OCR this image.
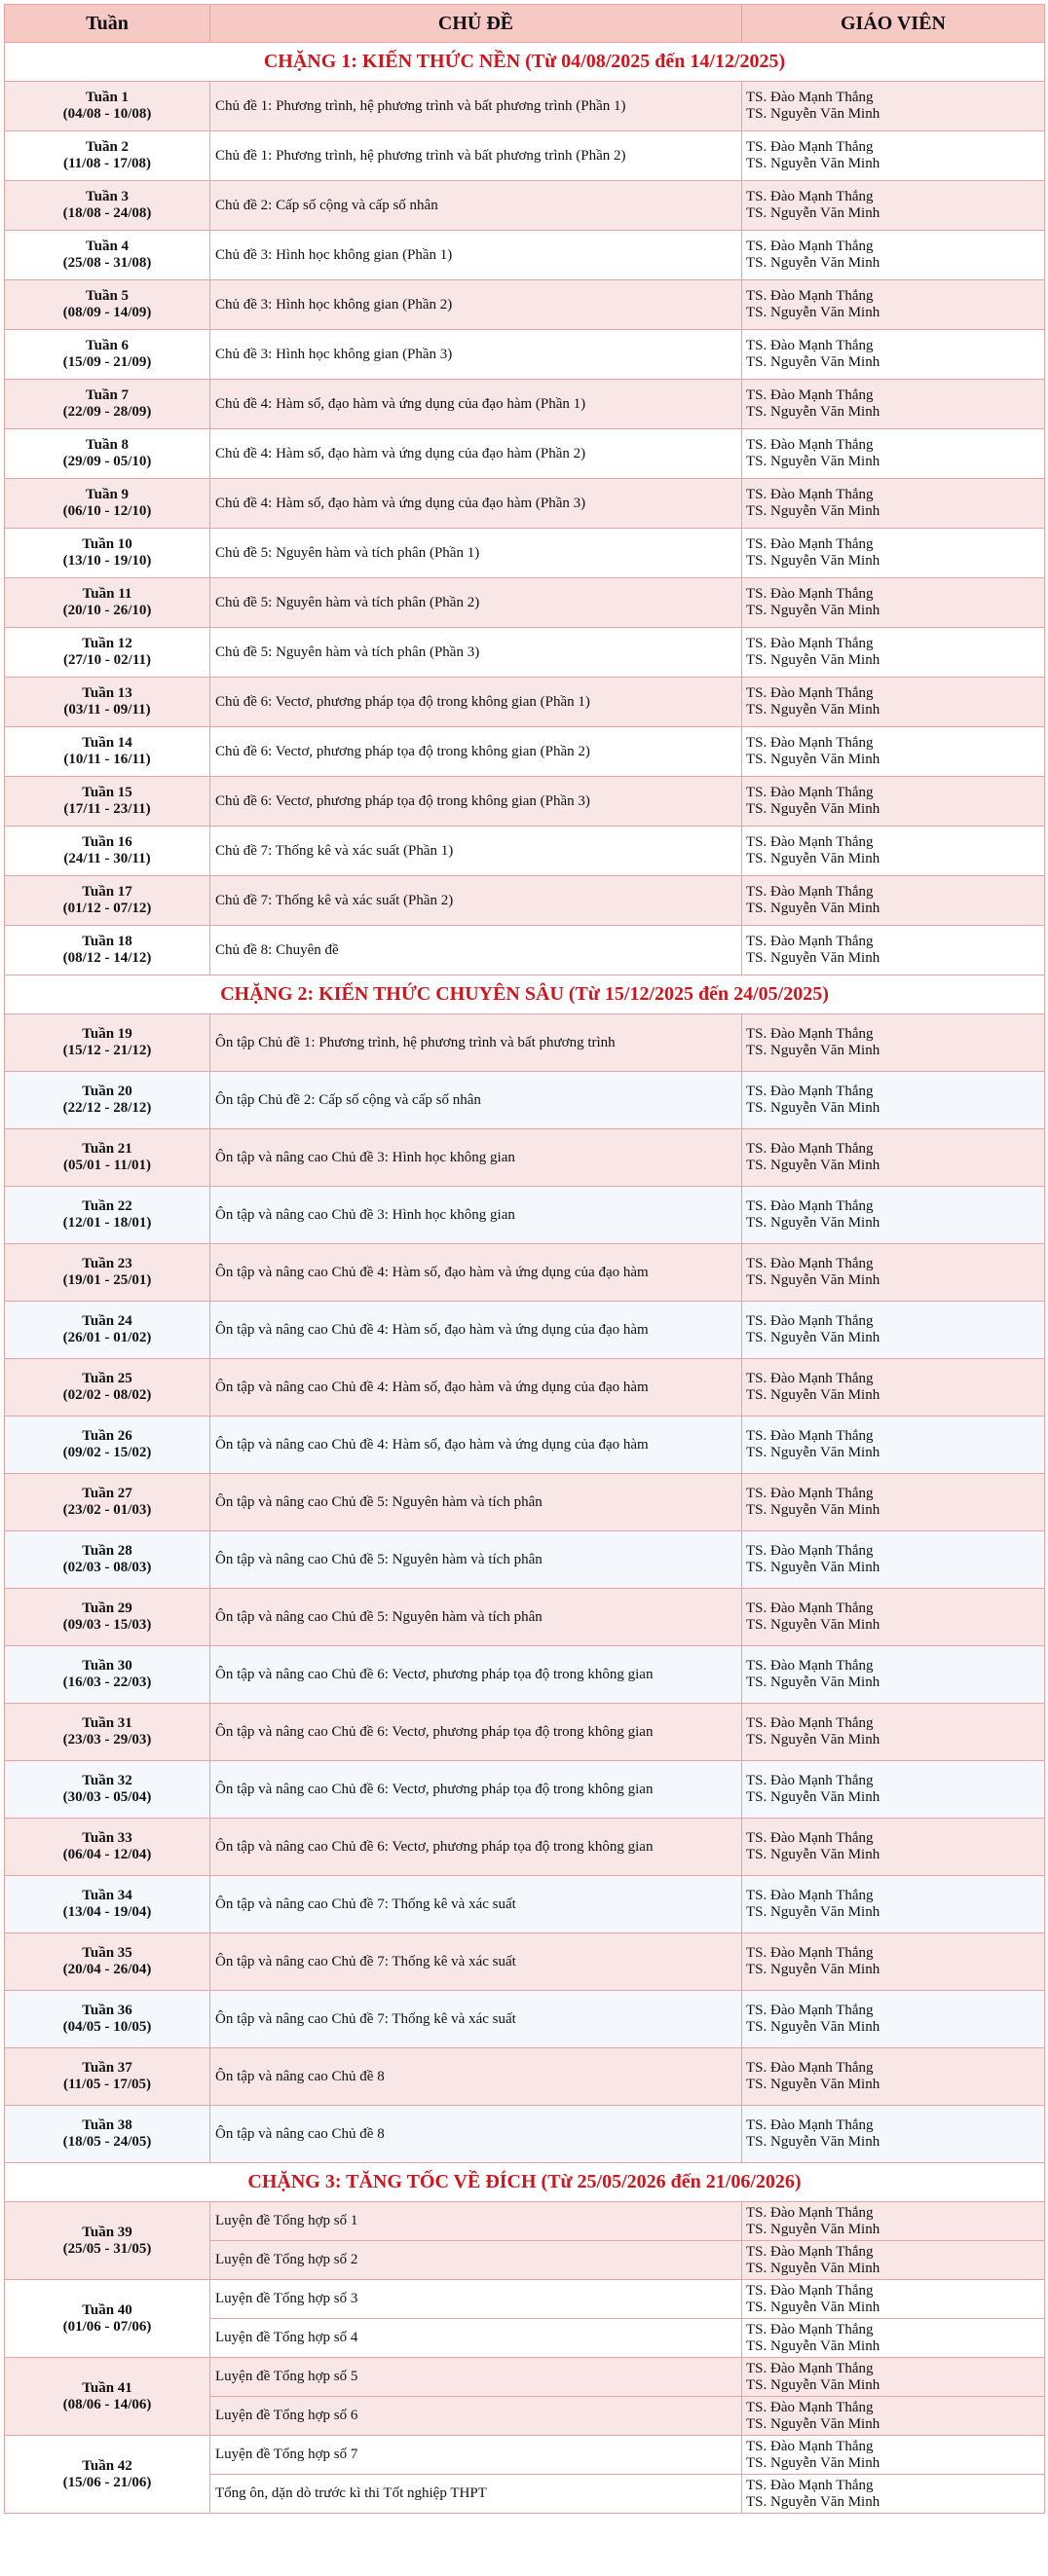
Tuần	CHỦ ĐỀ	GIÁO VIÊN
CHẶNG 1: KIẾN THỨC NỀN (Từ 04/08/2025 đến 14/12/2025)		

Tuần 1
(04/08 - 10/08)	Chủ đề 1: Phương trình, hệ phương trình và bất phương trình (Phần 1)	TS. Đào Mạnh Thắng
TS. Nguyễn Văn Minh

Tuần 2
(11/08 - 17/08)	Chủ đề 1: Phương trình, hệ phương trình và bất phương trình (Phần 2)	TS. Đào Mạnh Thắng
TS. Nguyễn Văn Minh

Tuần 3
(18/08 - 24/08)	Chủ đề 2: Cấp số cộng và cấp số nhân	TS. Đào Mạnh Thắng
TS. Nguyễn Văn Minh

Tuần 4
(25/08 - 31/08)	Chủ đề 3: Hình học không gian (Phần 1)	TS. Đào Mạnh Thắng
TS. Nguyễn Văn Minh

Tuần 5
(08/09 - 14/09)	Chủ đề 3: Hình học không gian (Phần 2)	TS. Đào Mạnh Thắng
TS. Nguyễn Văn Minh

Tuần 6
(15/09 - 21/09)	Chủ đề 3: Hình học không gian (Phần 3)	TS. Đào Mạnh Thắng
TS. Nguyễn Văn Minh

Tuần 7
(22/09 - 28/09)	Chủ đề 4: Hàm số, đạo hàm và ứng dụng của đạo hàm (Phần 1)	TS. Đào Mạnh Thắng
TS. Nguyễn Văn Minh

Tuần 8
(29/09 - 05/10)	Chủ đề 4: Hàm số, đạo hàm và ứng dụng của đạo hàm (Phần 2)	TS. Đào Mạnh Thắng
TS. Nguyễn Văn Minh

Tuần 9
(06/10 - 12/10)	Chủ đề 4: Hàm số, đạo hàm và ứng dụng của đạo hàm (Phần 3)	TS. Đào Mạnh Thắng
TS. Nguyễn Văn Minh

Tuần 10
(13/10 - 19/10)	Chủ đề 5: Nguyên hàm và tích phân (Phần 1)	TS. Đào Mạnh Thắng
TS. Nguyễn Văn Minh

Tuần 11
(20/10 - 26/10)	Chủ đề 5: Nguyên hàm và tích phân (Phần 2)	TS. Đào Mạnh Thắng
TS. Nguyễn Văn Minh

Tuần 12
(27/10 - 02/11)	Chủ đề 5: Nguyên hàm và tích phân (Phần 3)	TS. Đào Mạnh Thắng
TS. Nguyễn Văn Minh

Tuần 13
(03/11 - 09/11)	Chủ đề 6: Vectơ, phương pháp tọa độ trong không gian (Phần 1)	TS. Đào Mạnh Thắng
TS. Nguyễn Văn Minh

Tuần 14
(10/11 - 16/11)	Chủ đề 6: Vectơ, phương pháp tọa độ trong không gian (Phần 2)	TS. Đào Mạnh Thắng
TS. Nguyễn Văn Minh

Tuần 15
(17/11 - 23/11)	Chủ đề 6: Vectơ, phương pháp tọa độ trong không gian (Phần 3)	TS. Đào Mạnh Thắng
TS. Nguyễn Văn Minh

Tuần 16
(24/11 - 30/11)	Chủ đề 7: Thống kê và xác suất (Phần 1)	TS. Đào Mạnh Thắng
TS. Nguyễn Văn Minh

Tuần 17
(01/12 - 07/12)	Chủ đề 7: Thống kê và xác suất (Phần 2)	TS. Đào Mạnh Thắng
TS. Nguyễn Văn Minh

Tuần 18
(08/12 - 14/12)	Chủ đề 8: Chuyên đề	TS. Đào Mạnh Thắng
TS. Nguyễn Văn Minh

CHẶNG 2: KIẾN THỨC CHUYÊN SÂU (Từ 15/12/2025 đến 24/05/2025)		

Tuần 19
(15/12 - 21/12)	Ôn tập Chủ đề 1: Phương trình, hệ phương trình và bất phương trình	TS. Đào Mạnh Thắng
TS. Nguyễn Văn Minh

Tuần 20
(22/12 - 28/12)	Ôn tập Chủ đề 2: Cấp số cộng và cấp số nhân	TS. Đào Mạnh Thắng
TS. Nguyễn Văn Minh

Tuần 21
(05/01 - 11/01)	Ôn tập và nâng cao Chủ đề 3: Hình học không gian	TS. Đào Mạnh Thắng
TS. Nguyễn Văn Minh

Tuần 22
(12/01 - 18/01)	Ôn tập và nâng cao Chủ đề 3: Hình học không gian	TS. Đào Mạnh Thắng
TS. Nguyễn Văn Minh

Tuần 23
(19/01 - 25/01)	Ôn tập và nâng cao Chủ đề 4: Hàm số, đạo hàm và ứng dụng của đạo hàm	TS. Đào Mạnh Thắng
TS. Nguyễn Văn Minh

Tuần 24
(26/01 - 01/02)	Ôn tập và nâng cao Chủ đề 4: Hàm số, đạo hàm và ứng dụng của đạo hàm	TS. Đào Mạnh Thắng
TS. Nguyễn Văn Minh

Tuần 25
(02/02 - 08/02)	Ôn tập và nâng cao Chủ đề 4: Hàm số, đạo hàm và ứng dụng của đạo hàm	TS. Đào Mạnh Thắng
TS. Nguyễn Văn Minh

Tuần 26
(09/02 - 15/02)	Ôn tập và nâng cao Chủ đề 4: Hàm số, đạo hàm và ứng dụng của đạo hàm	TS. Đào Mạnh Thắng
TS. Nguyễn Văn Minh

Tuần 27
(23/02 - 01/03)	Ôn tập và nâng cao Chủ đề 5: Nguyên hàm và tích phân	TS. Đào Mạnh Thắng
TS. Nguyễn Văn Minh

Tuần 28
(02/03 - 08/03)	Ôn tập và nâng cao Chủ đề 5: Nguyên hàm và tích phân	TS. Đào Mạnh Thắng
TS. Nguyễn Văn Minh

Tuần 29
(09/03 - 15/03)	Ôn tập và nâng cao Chủ đề 5: Nguyên hàm và tích phân	TS. Đào Mạnh Thắng
TS. Nguyễn Văn Minh

Tuần 30
(16/03 - 22/03)	Ôn tập và nâng cao Chủ đề 6: Vectơ, phương pháp tọa độ trong không gian	TS. Đào Mạnh Thắng
TS. Nguyễn Văn Minh

Tuần 31
(23/03 - 29/03)	Ôn tập và nâng cao Chủ đề 6: Vectơ, phương pháp tọa độ trong không gian	TS. Đào Mạnh Thắng
TS. Nguyễn Văn Minh

Tuần 32
(30/03 - 05/04)	Ôn tập và nâng cao Chủ đề 6: Vectơ, phương pháp tọa độ trong không gian	TS. Đào Mạnh Thắng
TS. Nguyễn Văn Minh

Tuần 33
(06/04 - 12/04)	Ôn tập và nâng cao Chủ đề 6: Vectơ, phương pháp tọa độ trong không gian	TS. Đào Mạnh Thắng
TS. Nguyễn Văn Minh

Tuần 34
(13/04 - 19/04)	Ôn tập và nâng cao Chủ đề 7: Thống kê và xác suất	TS. Đào Mạnh Thắng
TS. Nguyễn Văn Minh

Tuần 35
(20/04 - 26/04)	Ôn tập và nâng cao Chủ đề 7: Thống kê và xác suất	TS. Đào Mạnh Thắng
TS. Nguyễn Văn Minh

Tuần 36
(04/05 - 10/05)	Ôn tập và nâng cao Chủ đề 7: Thống kê và xác suất	TS. Đào Mạnh Thắng
TS. Nguyễn Văn Minh

Tuần 37
(11/05 - 17/05)	Ôn tập và nâng cao Chủ đề 8	TS. Đào Mạnh Thắng
TS. Nguyễn Văn Minh

Tuần 38
(18/05 - 24/05)	Ôn tập và nâng cao Chủ đề 8	TS. Đào Mạnh Thắng
TS. Nguyễn Văn Minh

CHẶNG 3: TĂNG TỐC VỀ ĐÍCH (Từ 25/05/2026 đến 21/06/2026)		

Tuần 39
(25/05 - 31/05)	Luyện đề Tổng hợp số 1	TS. Đào Mạnh Thắng
TS. Nguyễn Văn Minh

	Luyện đề Tổng hợp số 2	TS. Đào Mạnh Thắng
TS. Nguyễn Văn Minh

Tuần 40
(01/06 - 07/06)	Luyện đề Tổng hợp số 3	TS. Đào Mạnh Thắng
TS. Nguyễn Văn Minh

	Luyện đề Tổng hợp số 4	TS. Đào Mạnh Thắng
TS. Nguyễn Văn Minh

Tuần 41
(08/06 - 14/06)	Luyện đề Tổng hợp số 5	TS. Đào Mạnh Thắng
TS. Nguyễn Văn Minh

	Luyện đề Tổng hợp số 6	TS. Đào Mạnh Thắng
TS. Nguyễn Văn Minh

Tuần 42
(15/06 - 21/06)	Luyện đề Tổng hợp số 7	TS. Đào Mạnh Thắng
TS. Nguyễn Văn Minh

	Tổng ôn, dặn dò trước kì thi Tốt nghiệp THPT	TS. Đào Mạnh Thắng
TS. Nguyễn Văn Minh
